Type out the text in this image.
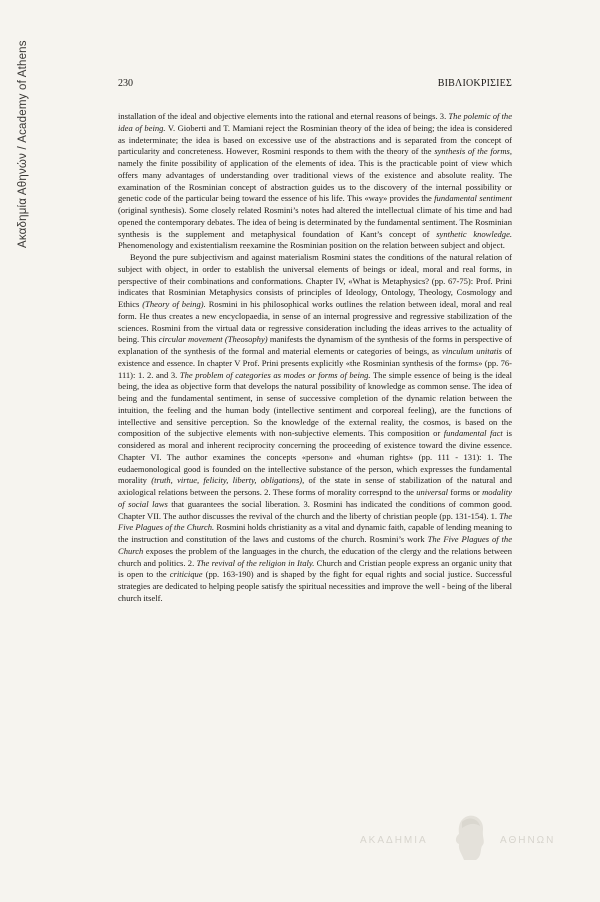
Ακαδημία Αθηνών / Academy of Athens	230	ΒΙΒΛΙΟΚΡΙΣΙΕΣ

installation of the ideal and objective elements into the rational and eternal reasons of beings. 3. The polemic of the idea of being. V. Gioberti and T. Mamiani reject the Rosminian theory of the idea of being; the idea is considered as indeterminate; the idea is based on excessive use of the abstractions and is separated from the concept of particularity and concreteness. However, Rosmini responds to them with the theory of the synthesis of the forms, namely the finite possibility of application of the elements of idea. This is the practicable point of view which offers many advantages of understanding over traditional views of the existence and absolute reality. The examination of the Rosminian concept of abstraction guides us to the discovery of the internal possibility or genetic code of the particular being toward the essence of his life. This «way» provides the fundamental sentiment (original synthesis). Some closely related Rosmini’s notes had altered the intellectual climate of his time and had opened the contemporary debates. The idea of being is determinated by the fundamental sentiment. The Rosminian synthesis is the supplement and metaphysical foundation of Kant’s concept of synthetic knowledge. Phenomenology and existentialism reexamine the Rosminian position on the relation between subject and object.

Beyond the pure subjectivism and against materialism Rosmini states the conditions of the natural relation of subject with object, in order to establish the universal elements of beings or ideal, moral and real forms, in perspective of their combinations and conformations. Chapter IV, «What is Metaphysics? (pp. 67-75): Prof. Prini indicates that Rosminian Metaphysics consists of principles of Ideology, Ontology, Theology, Cosmology and Ethics (Theory of being). Rosmini in his philosophical works outlines the relation between ideal, moral and real form. He thus creates a new encyclopaedia, in sense of an internal progressive and regressive stabilization of the sciences. Rosmini from the virtual data or regressive consideration including the ideas arrives to the actuality of being. This circular movement (Theosophy) manifests the dynamism of the synthesis of the forms in perspective of explanation of the synthesis of the formal and material elements or categories of beings, as vinculum unitatis of existence and essence. In chapter V Prof. Prini presents explicitly «the Rosminian synthesis of the forms» (pp. 76-111): 1. 2. and 3. The problem of categories as modes or forms of being. The simple essence of being is the ideal being, the idea as objective form that develops the natural possibility of knowledge as common sense. The idea of being and the fundamental sentiment, in sense of successive completion of the dynamic relation between the intuition, the feeling and the human body (intellective sentiment and corporeal feeling), are the functions of intellective and sensitive perception. So the knowledge of the external reality, the cosmos, is based on the composition of the subjective elements with non-subjective elements. This composition or fundamental fact is considered as moral and inherent reciprocity concerning the proceeding of existence toward the divine essence. Chapter VI. The author examines the concepts «person» and «human rights» (pp. 111 - 131): 1. The eudaemonological good is founded on the intellective substance of the person, which expresses the fundamental morality (truth, virtue, felicity, liberty, obligations), of the state in sense of stabilization of the natural and axiological relations between the persons. 2. These forms of morality correspnd to the universal forms or modality of social laws that guarantees the social liberation. 3. Rosmini has indicated the conditions of common good. Chapter VII. The author discusses the revival of the church and the liberty of christian people (pp. 131-154). 1. The Five Plagues of the Church. Rosmini holds christianity as a vital and dynamic faith, capable of lending meaning to the instruction and constitution of the laws and customs of the church. Rosmini’s work The Five Plagues of the Church exposes the problem of the languages in the church, the education of the clergy and the relations between church and politics. 2. The revival of the religion in Italy. Church and Cristian people express an organic unity that is open to the criticique (pp. 163-190) and is shaped by the fight for equal rights and social justice. Successful strategies are dedicated to helping people satisfy the spiritual necessities and improve the well - being of the liberal church itself.

ΑΚΑΔΗΜΙΑ	ΑΘΗΝΩΝ
